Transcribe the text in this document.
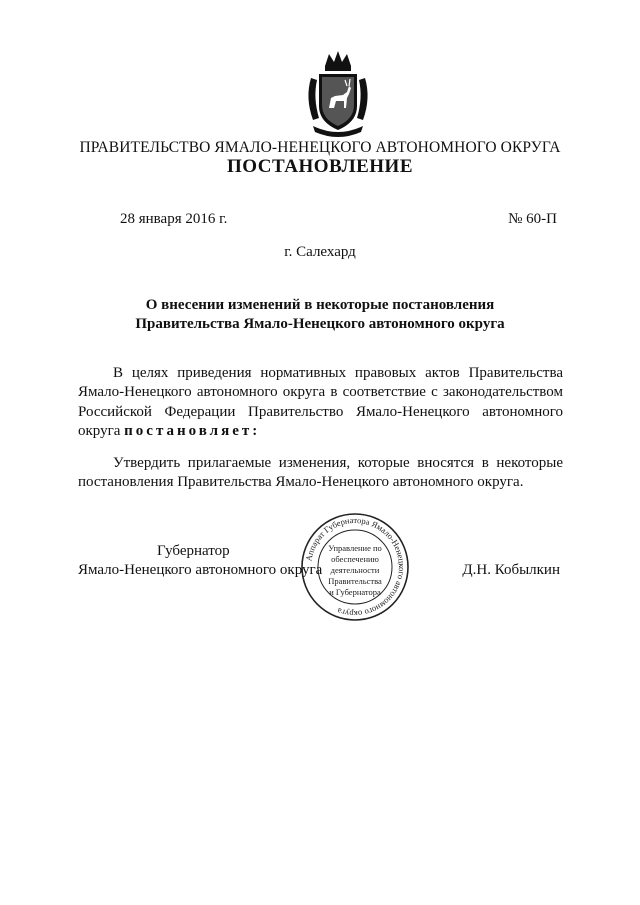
ПРАВИТЕЛЬСТВО ЯМАЛО-НЕНЕЦКОГО АВТОНОМНОГО ОКРУГА
ПОСТАНОВЛЕНИЕ
28 января 2016 г.	№ 60-П
г. Салехард
О внесении изменений в некоторые постановления
Правительства Ямало-Ненецкого автономного округа
В целях приведения нормативных правовых актов Правительства Ямало-Ненецкого автономного округа в соответствие с законодательством Российской Федерации Правительство Ямало-Ненецкого автономного округа постановляет:
Утвердить прилагаемые изменения, которые вносятся в некоторые постановления Правительства Ямало-Ненецкого автономного округа.
Губернатор
Ямало-Ненецкого автономного округа	Д.Н. Кобылкин
Аппарат Губернатора Ямало-Ненецкого автономного округа
Управление по
обеспечению
деятельности
Правительства
и Губернатора
